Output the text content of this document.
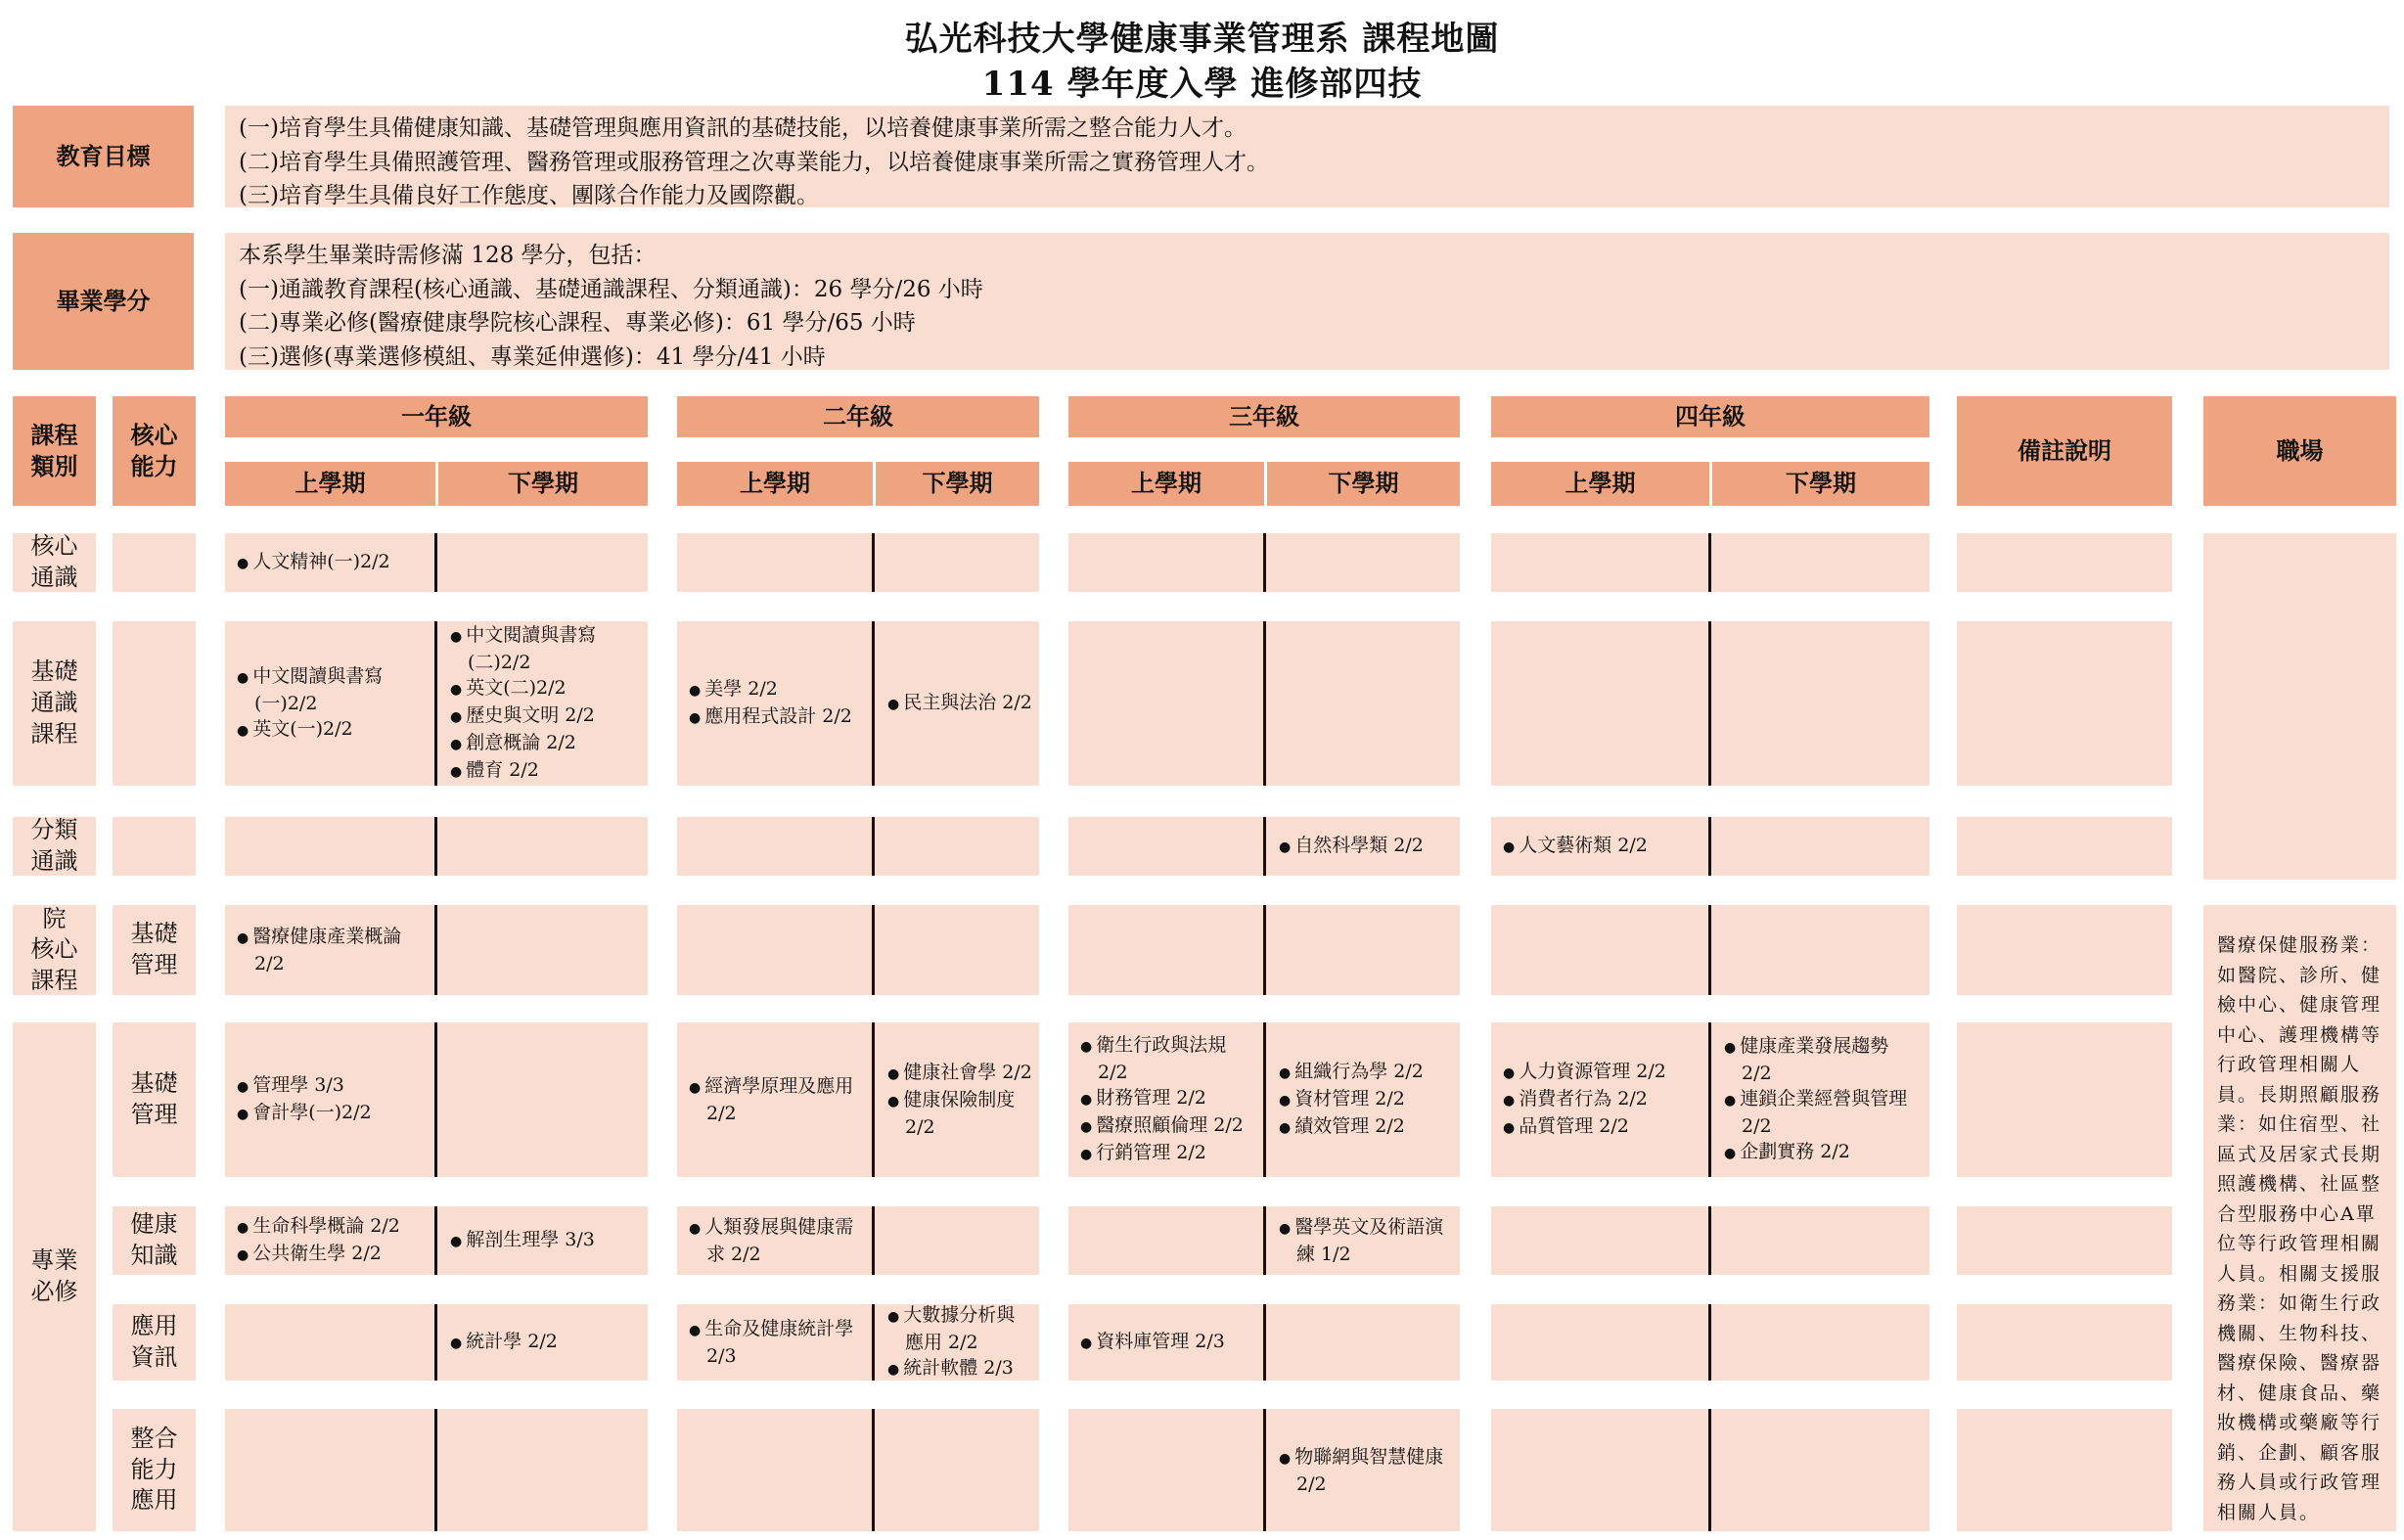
弘光科技大學健康事業管理系 課程地圖
114 學年度入學 進修部四技
教育目標
(一)培育學生具備健康知識、基礎管理與應用資訊的基礎技能，以培養健康事業所需之整合能力人才。
(二)培育學生具備照護管理、醫務管理或服務管理之次專業能力，以培養健康事業所需之實務管理人才。
(三)培育學生具備良好工作態度、團隊合作能力及國際觀。
畢業學分
本系學生畢業時需修滿 128 學分，包括：
(一)通識教育課程(核心通識、基礎通識課程、分類通識)：26 學分/26 小時
(二)專業必修(醫療健康學院核心課程、專業必修)：61 學分/65 小時
(三)選修(專業選修模組、專業延伸選修)：41 學分/41 小時
課程
類別
核心
能力
一年級	二年級	三年級	四年級
上學期	下學期	上學期	下學期	上學期	下學期	上學期	下學期
備註說明	職場
醫療保健服務業：如醫院、診所、健檢中心、健康管理中心、護理機構等行政管理相關人員。長期照顧服務業：如住宿型、社區式及居家式長期照護機構、社區整合型服務中心A單位等行政管理相關人員。相關支援服務業：如衛生行政機關、生物科技、醫療保險、醫療器材、健康食品、藥妝機構或藥廠等行銷、企劃、顧客服務人員或行政管理相關人員。
核心
通識
● 人文精神(一)2/2
基礎
通識
課程
● 中文閱讀與書寫(一)2/2
● 英文(一)2/2
● 中文閱讀與書寫(二)2/2
● 英文(二)2/2
● 歷史與文明 2/2
● 創意概論 2/2
● 體育 2/2
● 美學 2/2
● 應用程式設計 2/2
● 民主與法治 2/2
分類
通識
● 自然科學類 2/2
●	人文藝術類 2/2
院
核心
課程
基礎
管理
● 醫療健康產業概論 2/2
基礎
管理
● 管理學 3/3
● 會計學(一)2/2
● 經濟學原理及應用 2/2
● 健康社會學 2/2
● 健康保險制度 2/2
● 衛生行政與法規 2/2
● 財務管理 2/2
● 醫療照顧倫理 2/2
● 行銷管理 2/2
● 組織行為學 2/2
● 資材管理 2/2
● 績效管理 2/2
● 人力資源管理 2/2
● 消費者行為 2/2
● 品質管理 2/2
● 健康產業發展趨勢 2/2
● 連鎖企業經營與管理 2/2
● 企劃實務 2/2
健康
知識
● 生命科學概論 2/2
● 公共衛生學 2/2
● 解剖生理學 3/3
● 人類發展與健康需求 2/2
● 醫學英文及術語演練 1/2
應用
資訊
● 統計學 2/2
● 生命及健康統計學 2/3
● 大數據分析與應用 2/2
● 統計軟體 2/3
● 資料庫管理 2/3
整合
能力
應用
● 物聯網與智慧健康 2/2
專業
必修
